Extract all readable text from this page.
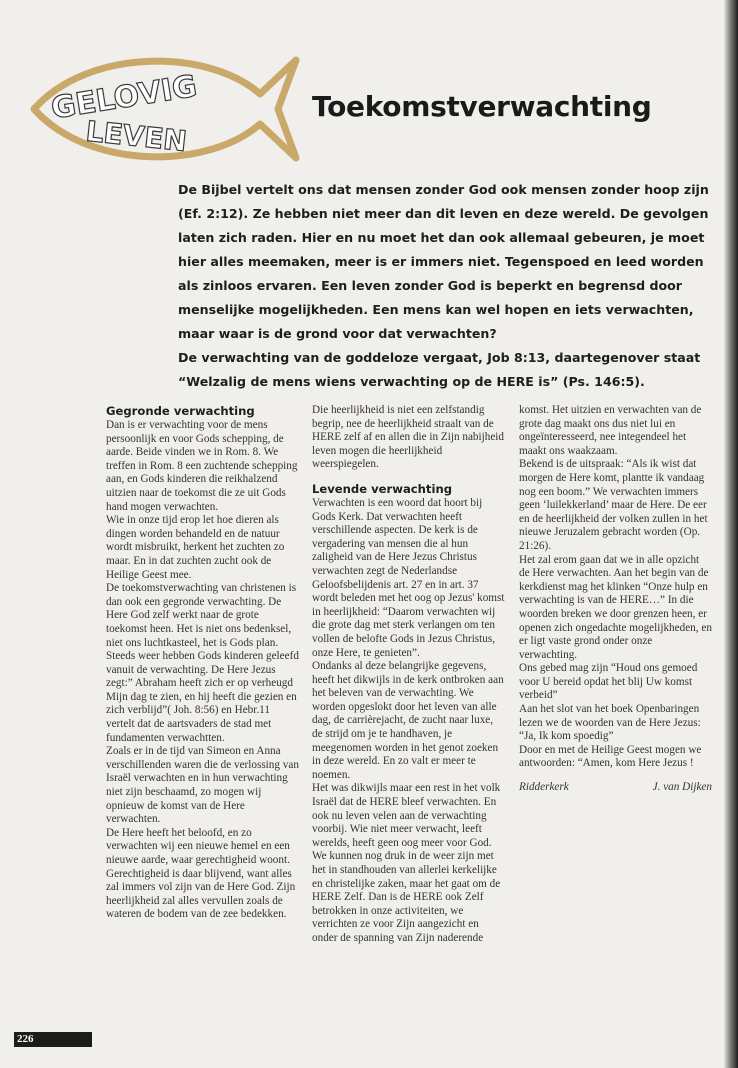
GELOVIG
LEVEN
Toekomstverwachting

De Bijbel vertelt ons dat mensen zonder God ook mensen zonder hoop zijn (Ef. 2:12). Ze hebben niet meer dan dit leven en deze wereld. De gevolgen laten zich raden. Hier en nu moet het dan ook allemaal gebeuren, je moet hier alles meemaken, meer is er immers niet. Tegenspoed en leed worden als zinloos ervaren. Een leven zonder God is beperkt en begrensd door menselijke mogelijkheden. Een mens kan wel hopen en iets verwachten, maar waar is de grond voor dat verwachten?

De verwachting van de goddeloze vergaat, Job 8:13, daartegenover staat “Welzalig de mens wiens verwachting op de HERE is” (Ps. 146:5).

Gegronde verwachting

Dan is er verwachting voor de mens persoonlijk en voor Gods schepping, de aarde. Beide vinden we in Rom. 8. We treffen in Rom. 8 een zuchtende schepping aan, en Gods kinderen die reikhalzend uitzien naar de toekomst die ze uit Gods hand mogen verwachten.

Wie in onze tijd erop let hoe dieren als dingen worden behandeld en de natuur wordt misbruikt, herkent het zuchten zo maar. En in dat zuchten zucht ook de Heilige Geest mee.

De toekomstverwachting van christenen is dan ook een gegronde verwachting. De Here God zelf werkt naar de grote toekomst heen. Het is niet ons bedenksel, niet ons luchtkasteel, het is Gods plan.

Steeds weer hebben Gods kinderen geleefd vanuit de verwachting. De Here Jezus zegt:” Abraham heeft zich er op verheugd Mijn dag te zien, en hij heeft die gezien en zich verblijd”( Joh. 8:56) en Hebr.11 vertelt dat de aartsvaders de stad met fundamenten verwachtten.

Zoals er in de tijd van Simeon en Anna verschillenden waren die de verlossing van Israël verwachten en in hun verwachting niet zijn beschaamd, zo mogen wij opnieuw de komst van de Here verwachten.

De Here heeft het beloofd, en zo verwachten wij een nieuwe hemel en een nieuwe aarde, waar gerechtigheid woont. Gerechtigheid is daar blijvend, want alles zal immers vol zijn van de Here God. Zijn heerlijkheid zal alles vervullen zoals de wateren de bodem van de zee bedekken.

Die heerlijkheid is niet een zelfstandig begrip, nee de heerlijkheid straalt van de HERE zelf af en allen die in Zijn nabijheid leven mogen die heerlijkheid weerspiegelen.

Levende verwachting

Verwachten is een woord dat hoort bij Gods Kerk. Dat verwachten heeft verschillende aspecten. De kerk is de vergadering van mensen die al hun zaligheid van de Here Jezus Christus verwachten zegt de Nederlandse Geloofsbelijdenis art. 27 en in art. 37 wordt beleden met het oog op Jezus' komst in heerlijkheid: “Daarom verwachten wij die grote dag met sterk verlangen om ten vollen de belofte Gods in Jezus Christus, onze Here, te genieten”.

Ondanks al deze belangrijke gegevens, heeft het dikwijls in de kerk ontbroken aan het beleven van de verwachting. We worden opgeslokt door het leven van alle dag, de carrièrejacht, de zucht naar luxe, de strijd om je te handhaven, je meegenomen worden in het genot zoeken in deze wereld. En zo valt er meer te noemen.

Het was dikwijls maar een rest in het volk Israël dat de HERE bleef verwachten. En ook nu leven velen aan de verwachting voorbij. Wie niet meer verwacht, leeft werelds, heeft geen oog meer voor God. We kunnen nog druk in de weer zijn met het in standhouden van allerlei kerkelijke en christelijke zaken, maar het gaat om de HERE Zelf. Dan is de HERE ook Zelf betrokken in onze activiteiten, we verrichten ze voor Zijn aangezicht en onder de spanning van Zijn naderende

komst. Het uitzien en verwachten van de grote dag maakt ons dus niet lui en ongeïnteresseerd, nee integendeel het maakt ons waakzaam.

Bekend is de uitspraak: “Als ik wist dat morgen de Here komt, plantte ik vandaag nog een boom.” We verwachten immers geen ‘luilekkerland’ maar de Here. De eer en de heerlijkheid der volken zullen in het nieuwe Jeruzalem gebracht worden (Op. 21:26).

Het zal erom gaan dat we in alle opzicht de Here verwachten. Aan het begin van de kerkdienst mag het klinken “Onze hulp en verwachting is van de HERE…” In die woorden breken we door grenzen heen, er openen zich ongedachte mogelijkheden, en er ligt vaste grond onder onze verwachting.

Ons gebed mag zijn “Houd ons gemoed voor U bereid opdat het blij Uw komst verbeid”

Aan het slot van het boek Openbaringen lezen we de woorden van de Here Jezus: “Ja, Ik kom spoedig”

Door en met de Heilige Geest mogen we antwoorden: “Amen, kom Here Jezus !

Ridderkerk	J. van Dijken
226
